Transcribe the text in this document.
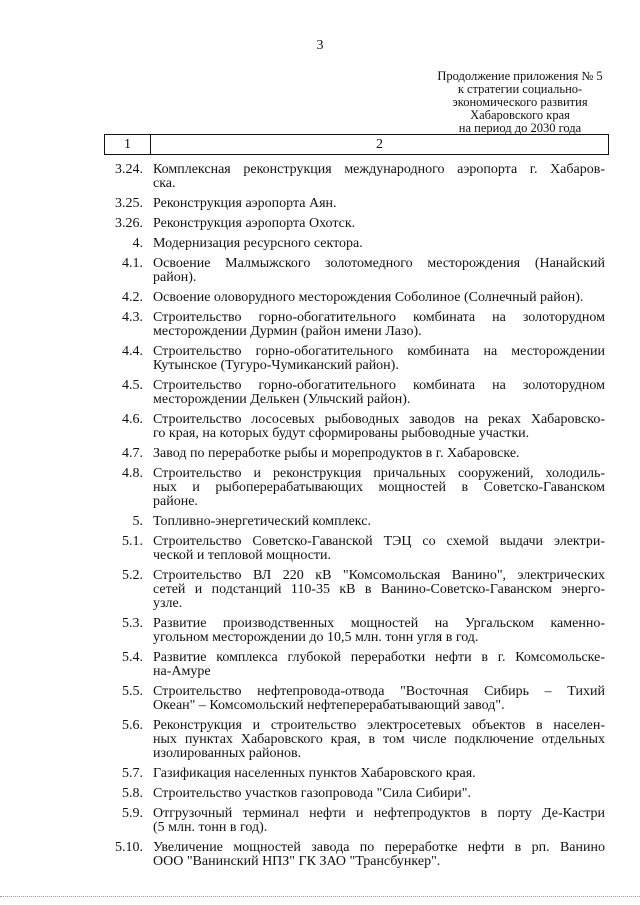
3
Продолжение приложения № 5
к стратегии социально-
экономического развития
Хабаровского края
на период до 2030 года
1	2
3.24. Комплексная реконструкция международного аэропорта г. Хабаров-
ска.
3.25. Реконструкция аэропорта Аян.
3.26. Реконструкция аэропорта Охотск.
4. Модернизация ресурсного сектора.
4.1. Освоение Малмыжского золотомедного месторождения (Нанайский
район).
4.2. Освоение оловорудного месторождения Соболиное (Солнечный район).
4.3. Строительство горно-обогатительного комбината на золоторудном
месторождении Дурмин (район имени Лазо).
4.4. Строительство горно-обогатительного комбината на месторождении
Кутынское (Тугуро-Чумиканский район).
4.5. Строительство горно-обогатительного комбината на золоторудном
месторождении Делькен (Ульчский район).
4.6. Строительство лососевых рыбоводных заводов на реках Хабаровско-
го края, на которых будут сформированы рыбоводные участки.
4.7. Завод по переработке рыбы и морепродуктов в г. Хабаровске.
4.8. Строительство и реконструкция причальных сооружений, холодиль-
ных и рыбоперерабатывающих мощностей в Советско-Гаванском
районе.
5. Топливно-энергетический комплекс.
5.1. Строительство Советско-Гаванской ТЭЦ со схемой выдачи электри-
ческой и тепловой мощности.
5.2. Строительство ВЛ 220 кВ "Комсомольская Ванино", электрических
сетей и подстанций 110-35 кВ в Ванино-Советско-Гаванском энерго-
узле.
5.3. Развитие производственных мощностей на Ургальском каменно-
угольном месторождении до 10,5 млн. тонн угля в год.
5.4. Развитие комплекса глубокой переработки нефти в г. Комсомольске-
на-Амуре
5.5. Строительство нефтепровода-отвода "Восточная Сибирь – Тихий
Океан" – Комсомольский нефтеперерабатывающий завод".
5.6. Реконструкция и строительство электросетевых объектов в населен-
ных пунктах Хабаровского края, в том числе подключение отдельных
изолированных районов.
5.7. Газификация населенных пунктов Хабаровского края.
5.8. Строительство участков газопровода "Сила Сибири".
5.9. Отгрузочный терминал нефти и нефтепродуктов в порту Де-Кастри
(5 млн. тонн в год).
5.10. Увеличение мощностей завода по переработке нефти в рп. Ванино
ООО "Ванинский НПЗ" ГК ЗАО "Трансбункер".
